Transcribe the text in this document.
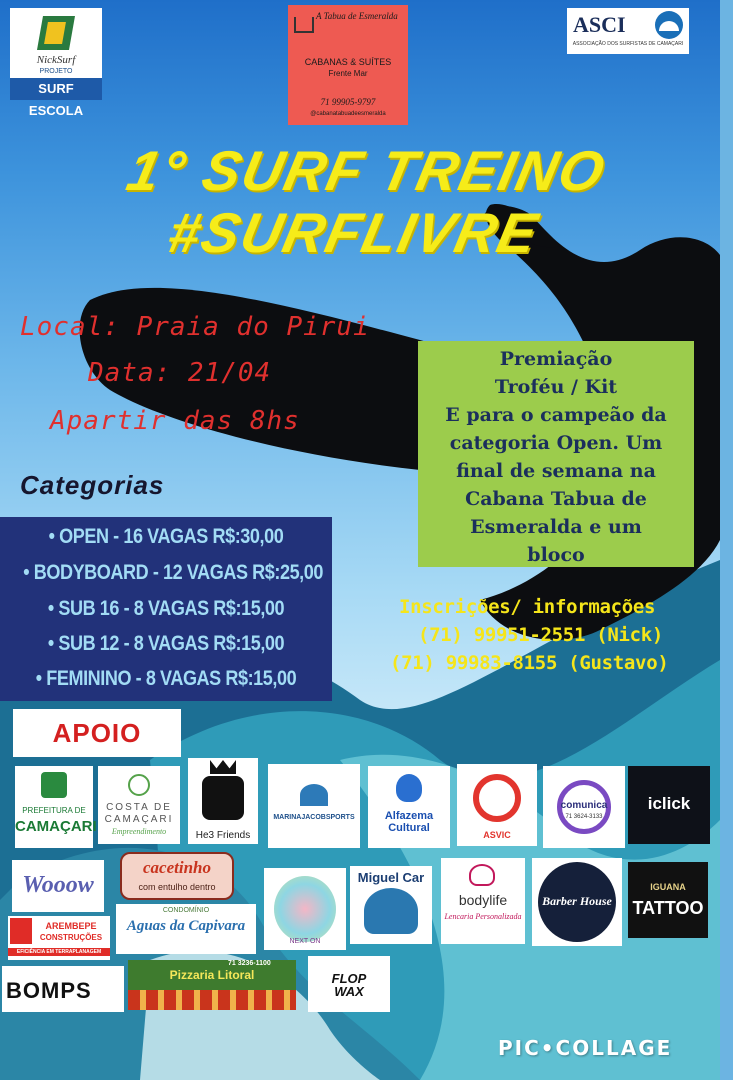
NickSurf
PROJETO
SURF ESCOLA
A Tabua de Esmeralda
CABANAS & SUÍTES
Frente Mar
71 99905-9797
@cabanatabuadeesmeralda
ASCI
ASSOCIAÇÃO DOS SURFISTAS DE CAMAÇARI
1° SURF TREINO
#SURFLIVRE
Local: Praia do Pirui
Data: 21/04
Apartir das 8hs
Premiação
Troféu / Kit
E para o campeão da
categoria Open. Um
final de semana na
Cabana Tabua de
Esmeralda e um
bloco
Categorias
• OPEN - 16 VAGAS R$:30,00
• BODYBOARD - 12 VAGAS R$:25,00
• SUB 16 - 8 VAGAS R$:15,00
• SUB 12 - 8 VAGAS R$:15,00
• FEMININO - 8 VAGAS R$:15,00
Inscrições/ informações
(71) 99951-2551 (Nick)
(71) 99983-8155 (Gustavo)
APOIO
PREFEITURA DE
CAMAÇARI
COSTA DE
CAMAÇARI
Empreendimento	He3 Friends
MARINAJACOBSPORTS	Alfazema Cultural
ASVIC
comunica
71 3624-3133
iclick
Wooow
cacetinho
com entulho dentro
NEXT ON
Miguel Car
bodylife
Lencaria Personalizada
Barber House
IGUANA
TATTOO
AREMBEPE
CONSTRUÇÕES
EFICIÊNCIA EM TERRAPLANAGEM
CONDOMÍNIO
Aguas da Capivara
BOMPS
Pizzaria Litoral
71 3236-1100
FLOP WAX
PIC•COLLAGE
